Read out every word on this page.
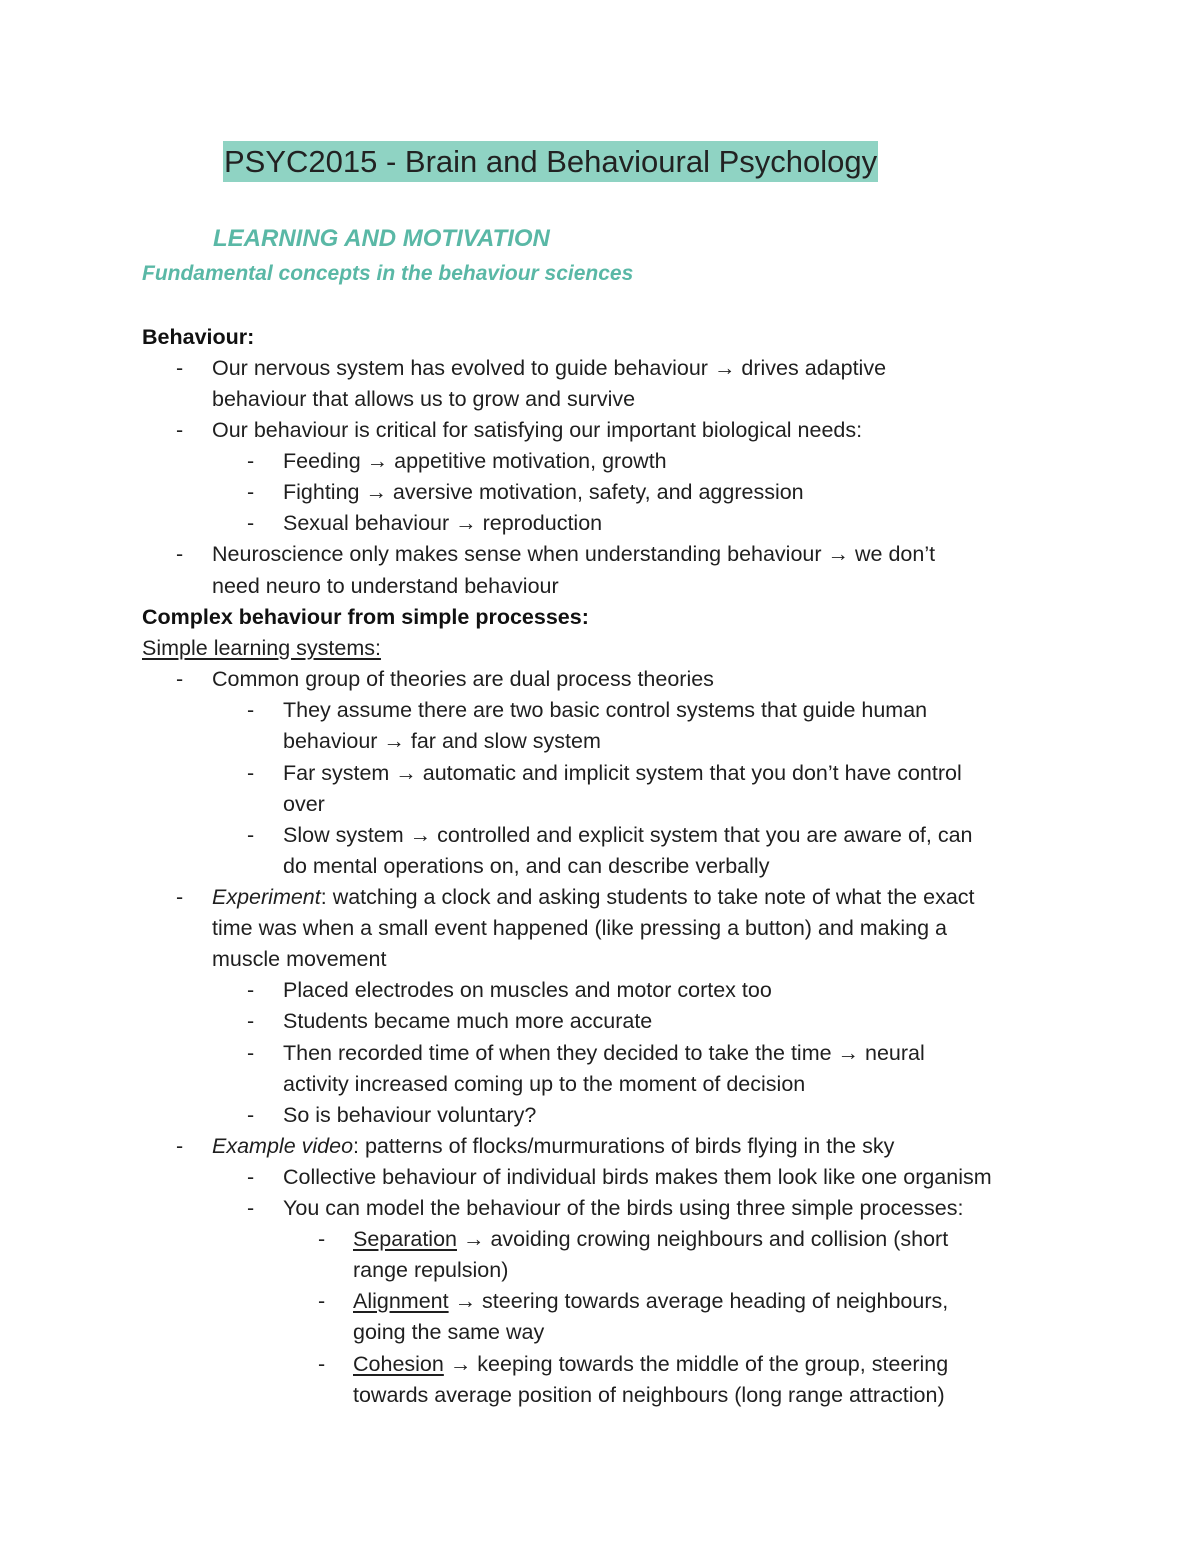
PSYC2015 - Brain and Behavioural Psychology
LEARNING AND MOTIVATION
Fundamental concepts in the behaviour sciences
Behaviour:
- Our nervous system has evolved to guide behaviour → drives adaptive
behaviour that allows us to grow and survive
- Our behaviour is critical for satisfying our important biological needs:
- Feeding → appetitive motivation, growth
- Fighting → aversive motivation, safety, and aggression
- Sexual behaviour → reproduction
- Neuroscience only makes sense when understanding behaviour → we don’t
need neuro to understand behaviour
Complex behaviour from simple processes:
Simple learning systems:
- Common group of theories are dual process theories
- They assume there are two basic control systems that guide human
behaviour → far and slow system
- Far system → automatic and implicit system that you don’t have control
over
- Slow system → controlled and explicit system that you are aware of, can
do mental operations on, and can describe verbally
- Experiment: watching a clock and asking students to take note of what the exact
time was when a small event happened (like pressing a button) and making a
muscle movement
- Placed electrodes on muscles and motor cortex too
- Students became much more accurate
- Then recorded time of when they decided to take the time → neural
activity increased coming up to the moment of decision
- So is behaviour voluntary?
- Example video: patterns of flocks/murmurations of birds flying in the sky
- Collective behaviour of individual birds makes them look like one organism
- You can model the behaviour of the birds using three simple processes:
- Separation → avoiding crowing neighbours and collision (short
range repulsion)
- Alignment → steering towards average heading of neighbours,
going the same way
- Cohesion → keeping towards the middle of the group, steering
towards average position of neighbours (long range attraction)
